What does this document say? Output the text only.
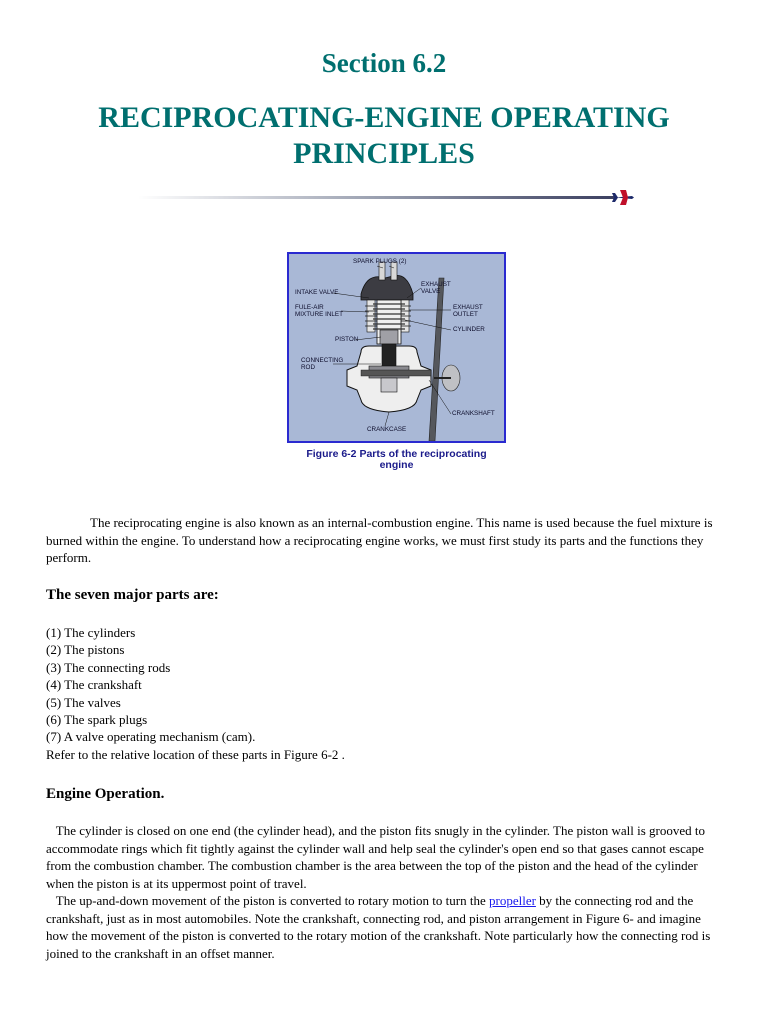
Section 6.2
RECIPROCATING-ENGINE OPERATING
PRINCIPLES
SPARK PLUGS (2)
INTAKE VALVE
FULE-AIR
MIXTURE INLET
PISTON
CONNECTING
ROD
EXHAUST
VALVE
EXHAUST
OUTLET
CYLINDER
CRANKSHAFT
CRANKCASE
Figure 6-2 Parts of the reciprocating
engine
The reciprocating engine is also known as an internal-combustion engine. This name is used because the fuel mixture is burned within the engine. To understand how a reciprocating engine works, we must first study its parts and the functions they perform.
The seven major parts are:
(1) The cylinders
(2) The pistons
(3) The connecting rods
(4) The crankshaft
(5) The valves
(6) The spark plugs
(7) A valve operating mechanism (cam).
Refer to the relative location of these parts in Figure 6-2 .
Engine Operation.
The cylinder is closed on one end (the cylinder head), and the piston fits snugly in the cylinder. The piston wall is grooved to accommodate rings which fit tightly against the cylinder wall and help seal the cylinder's open end so that gases cannot escape from the combustion chamber. The combustion chamber is the area between the top of the piston and the head of the cylinder when the piston is at its uppermost point of travel.
The up-and-down movement of the piston is converted to rotary motion to turn the propeller by the connecting rod and the crankshaft, just as in most automobiles. Note the crankshaft, connecting rod, and piston arrangement in Figure 6- and imagine how the movement of the piston is converted to the rotary motion of the crankshaft. Note particularly how the connecting rod is joined to the crankshaft in an offset manner.
